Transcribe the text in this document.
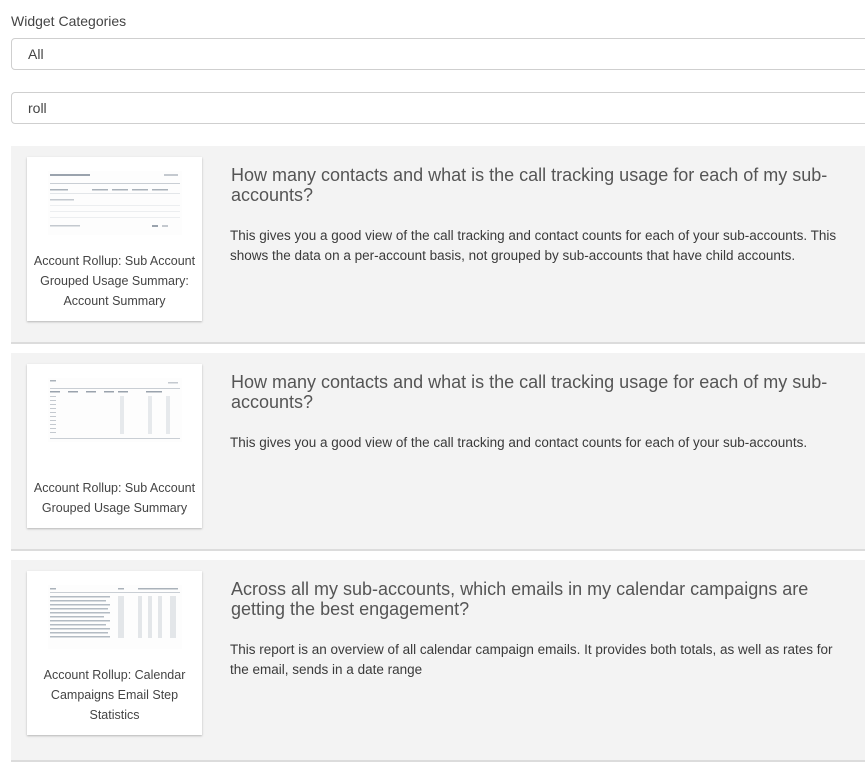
Widget Categories
All
roll
Account Rollup: Sub Account Grouped Usage Summary: Account Summary
How many contacts and what is the call tracking usage for each of my sub-accounts?
This gives you a good view of the call tracking and contact counts for each of your sub-accounts. This shows the data on a per-account basis, not grouped by sub-accounts that have child accounts.
Account Rollup: Sub Account Grouped Usage Summary
How many contacts and what is the call tracking usage for each of my sub-accounts?
This gives you a good view of the call tracking and contact counts for each of your sub-accounts.
Account Rollup: Calendar Campaigns Email Step Statistics
Across all my sub-accounts, which emails in my calendar campaigns are getting the best engagement?
This report is an overview of all calendar campaign emails. It provides both totals, as well as rates for the email, sends in a date range
